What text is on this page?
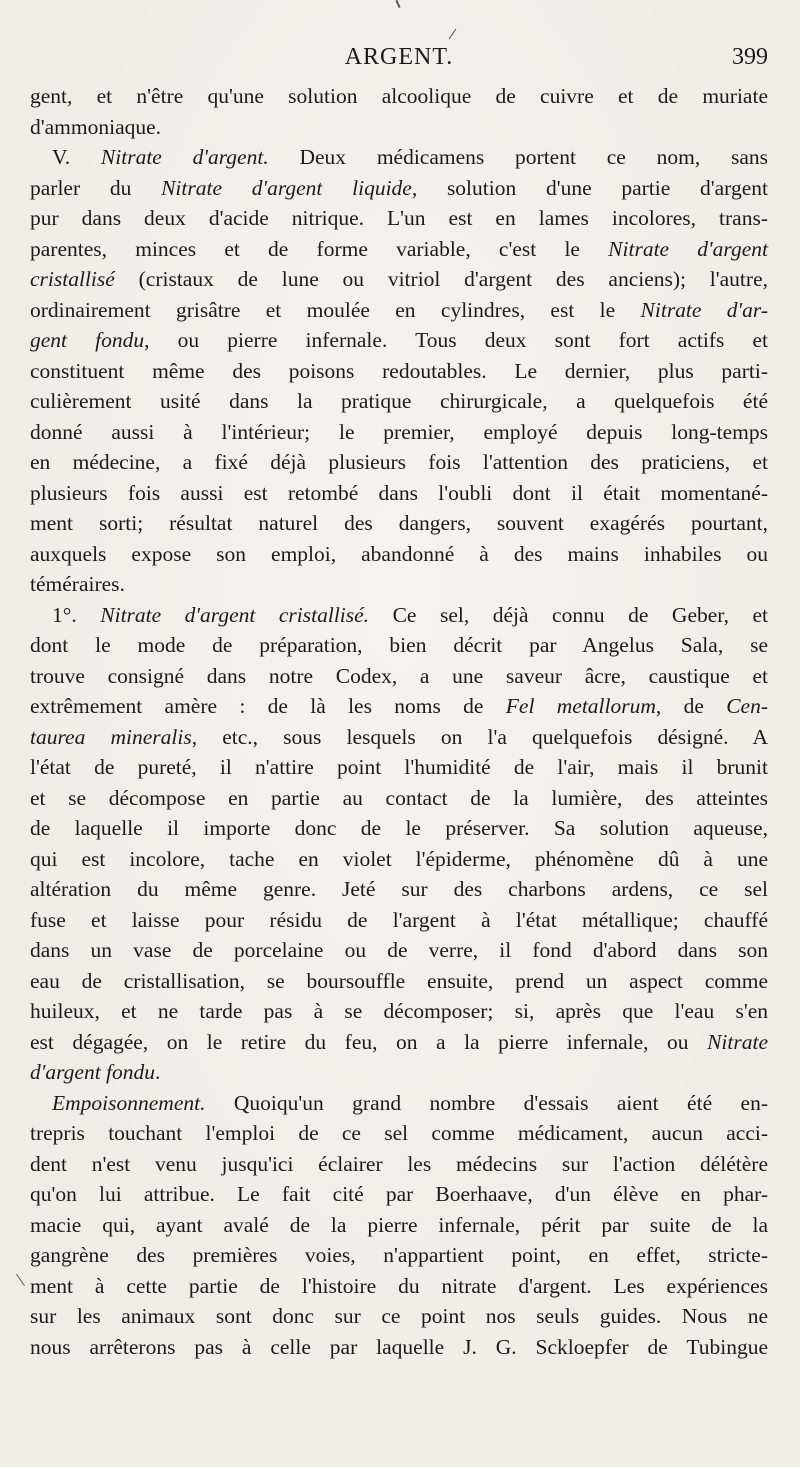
ARGENT.	399
gent, et n'être qu'une solution alcoolique de cuivre et de muriate
d'ammoniaque.
V. Nitrate d'argent. Deux médicamens portent ce nom, sans
parler du Nitrate d'argent liquide, solution d'une partie d'argent
pur dans deux d'acide nitrique. L'un est en lames incolores, trans-
parentes, minces et de forme variable, c'est le Nitrate d'argent
cristallisé (cristaux de lune ou vitriol d'argent des anciens); l'autre,
ordinairement grisâtre et moulée en cylindres, est le Nitrate d'ar-
gent fondu, ou pierre infernale. Tous deux sont fort actifs et
constituent même des poisons redoutables. Le dernier, plus parti-
culièrement usité dans la pratique chirurgicale, a quelquefois été
donné aussi à l'intérieur; le premier, employé depuis long-temps
en médecine, a fixé déjà plusieurs fois l'attention des praticiens, et
plusieurs fois aussi est retombé dans l'oubli dont il était momentané-
ment sorti; résultat naturel des dangers, souvent exagérés pourtant,
auxquels expose son emploi, abandonné à des mains inhabiles ou
téméraires.
1°. Nitrate d'argent cristallisé. Ce sel, déjà connu de Geber, et
dont le mode de préparation, bien décrit par Angelus Sala, se
trouve consigné dans notre Codex, a une saveur âcre, caustique et
extrêmement amère : de là les noms de Fel metallorum, de Cen-
taurea mineralis, etc., sous lesquels on l'a quelquefois désigné. A
l'état de pureté, il n'attire point l'humidité de l'air, mais il brunit
et se décompose en partie au contact de la lumière, des atteintes
de laquelle il importe donc de le préserver. Sa solution aqueuse,
qui est incolore, tache en violet l'épiderme, phénomène dû à une
altération du même genre. Jeté sur des charbons ardens, ce sel
fuse et laisse pour résidu de l'argent à l'état métallique; chauffé
dans un vase de porcelaine ou de verre, il fond d'abord dans son
eau de cristallisation, se boursouffle ensuite, prend un aspect comme
huileux, et ne tarde pas à se décomposer; si, après que l'eau s'en
est dégagée, on le retire du feu, on a la pierre infernale, ou Nitrate
d'argent fondu.
Empoisonnement. Quoiqu'un grand nombre d'essais aient été en-
trepris touchant l'emploi de ce sel comme médicament, aucun acci-
dent n'est venu jusqu'ici éclairer les médecins sur l'action délétère
qu'on lui attribue. Le fait cité par Boerhaave, d'un élève en phar-
macie qui, ayant avalé de la pierre infernale, périt par suite de la
gangrène des premières voies, n'appartient point, en effet, stricte-
ment à cette partie de l'histoire du nitrate d'argent. Les expériences
sur les animaux sont donc sur ce point nos seuls guides. Nous ne
nous arrêterons pas à celle par laquelle J. G. Sckloepfer de Tubingue
